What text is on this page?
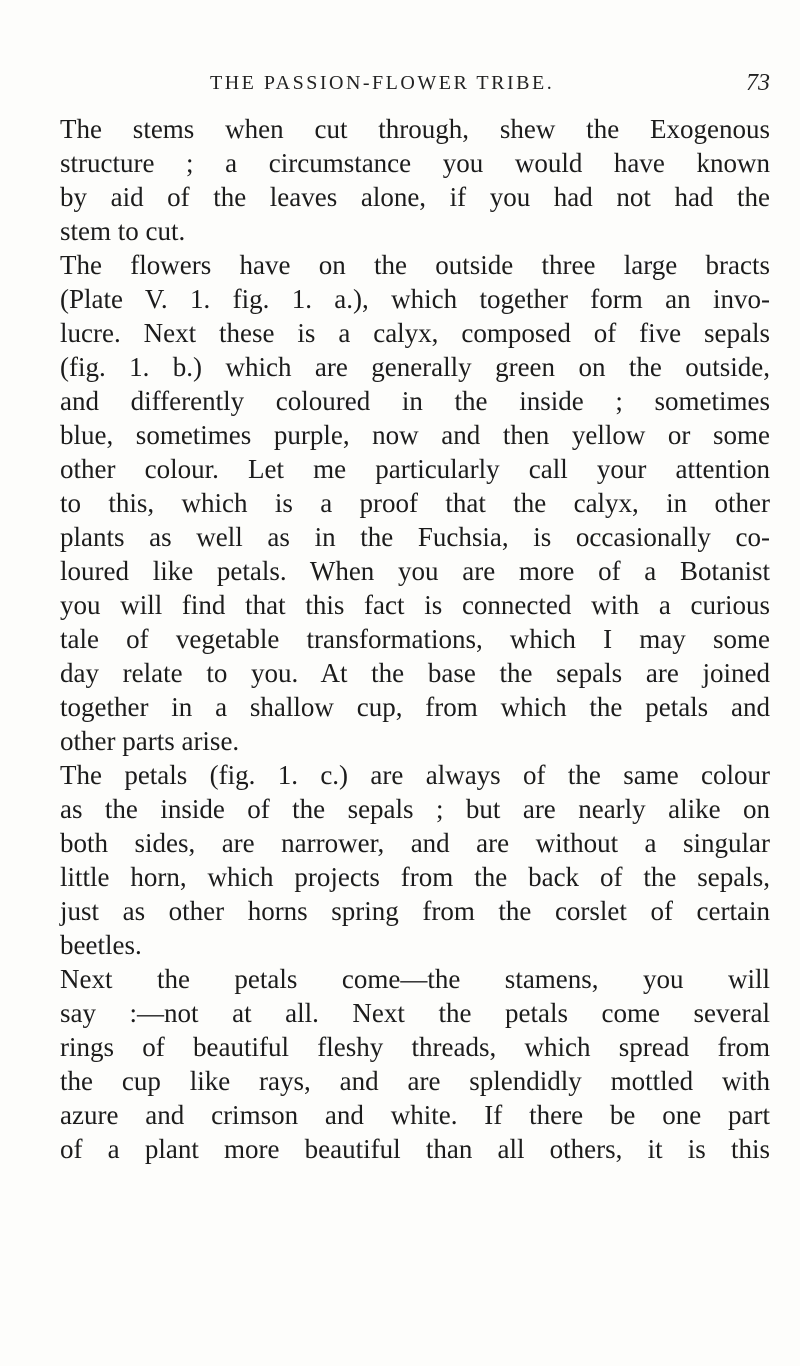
THE PASSION-FLOWER TRIBE.	73

The stems when cut through, shew the Exogenous
structure ; a circumstance you would have known
by aid of the leaves alone, if you had not had the
stem to cut.

The flowers have on the outside three large bracts
(Plate V. 1. fig. 1. a.), which together form an invo-
lucre. Next these is a calyx, composed of five sepals
(fig. 1. b.) which are generally green on the outside,
and differently coloured in the inside ; sometimes
blue, sometimes purple, now and then yellow or some
other colour. Let me particularly call your attention
to this, which is a proof that the calyx, in other
plants as well as in the Fuchsia, is occasionally co-
loured like petals. When you are more of a Botanist
you will find that this fact is connected with a curious
tale of vegetable transformations, which I may some
day relate to you. At the base the sepals are joined
together in a shallow cup, from which the petals and
other parts arise.

The petals (fig. 1. c.) are always of the same colour
as the inside of the sepals ; but are nearly alike on
both sides, are narrower, and are without a singular
little horn, which projects from the back of the sepals,
just as other horns spring from the corslet of certain
beetles.

Next the petals come—the stamens, you will
say :—not at all. Next the petals come several
rings of beautiful fleshy threads, which spread from
the cup like rays, and are splendidly mottled with
azure and crimson and white. If there be one part
of a plant more beautiful than all others, it is this
